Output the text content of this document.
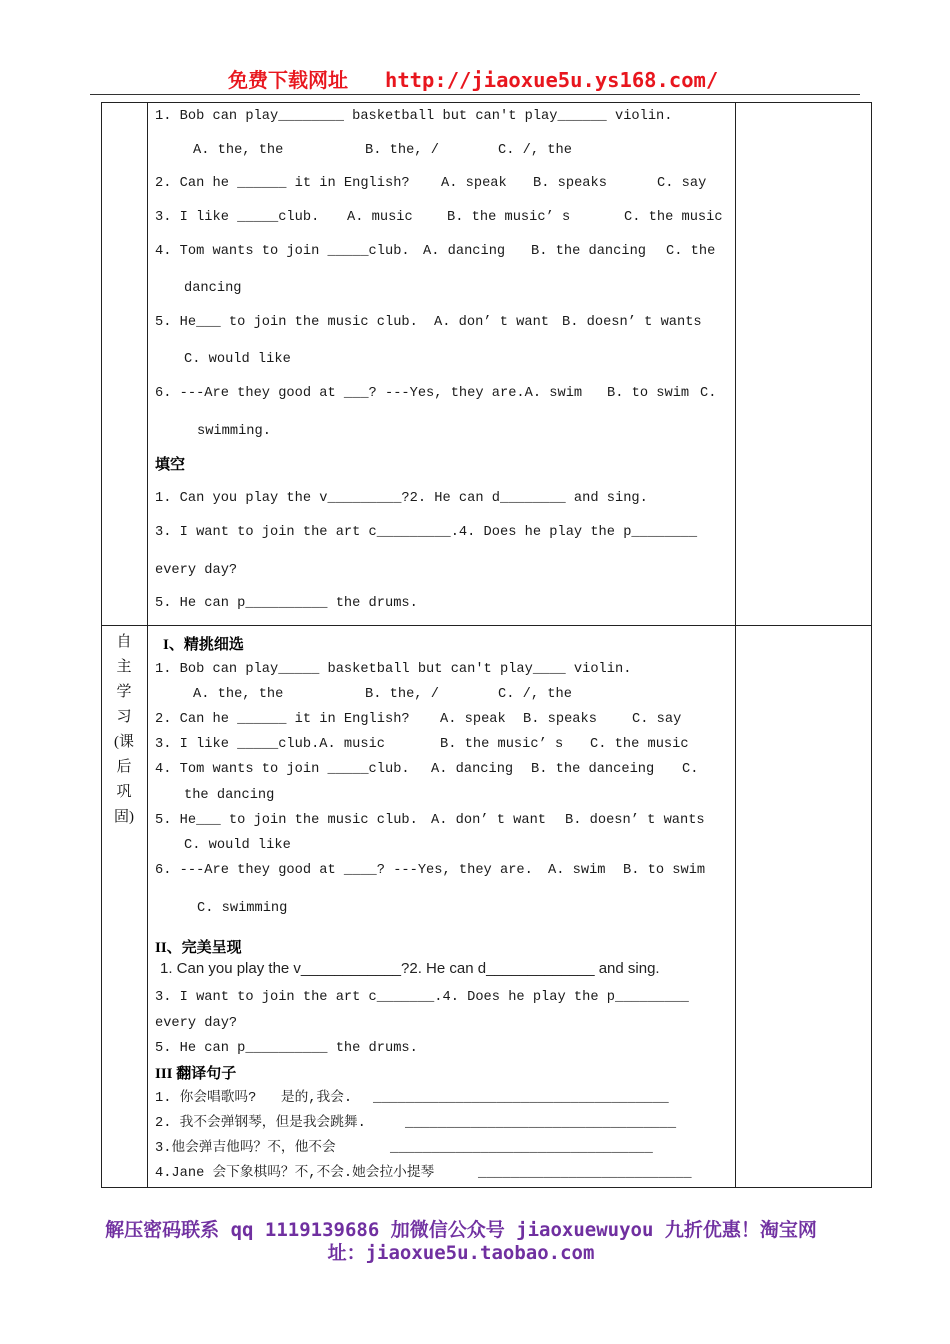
免费下载网址 http://jiaoxue5u.ys168.com/
1. Bob can play________ basketball but can't play______ violin.
A. the, the	B. the, /	C. /, the
2. Can he ______ it in English? A. speak B. speaks	C. say
3. I like _____club. A. music	B. the music’ s	C. the music
4. Tom wants to join _____club. A. dancing B. the dancing C. the
dancing
5. He___ to join the music club. A. don’ t want B. doesn’ t wants
C. would like
6. ---Are they good at ___? ---Yes, they are.A. swim B. to swim C.
swimming.
填空
1. Can you play the v_________?2. He can d________ and sing.
3. I want to join the art c_________.4. Does he play the p________
every day?
5. He can p__________ the drums.
自
主
学
习
(课
后
巩
固)
I、精挑细选
1. Bob can play_____ basketball but can't play____ violin.
A. the, the	B. the, /	C. /, the
2. Can he ______ it in English? A. speak B. speaks	C. say
3. I like _____club.A. music	B. the music’ s C. the music
4. Tom wants to join _____club. A. dancing B. the danceing C.
the dancing
5. He___ to join the music club. A. don’ t want B. doesn’ t wants
C. would like
6. ---Are they good at ____? ---Yes, they are. A. swim B. to swim
C. swimming
II、完美呈现
1. Can you play the v____________?2. He can d_____________ and sing.
3. I want to join the art c_______.4. Does he play the p_________
every day?
5. He can p__________ the drums.
III 翻译句子
1. 你会唱歌吗?   是的,我会. ____________________________________
2. 我不会弹钢琴，但是我会跳舞.	_________________________________
3.他会弹吉他吗？不，他不会	________________________________
4.Jane 会下象棋吗？不,不会.她会拉小提琴	__________________________
解压密码联系 qq 1119139686 加微信公众号 jiaoxuewuyou 九折优惠！淘宝网
址：jiaoxue5u.taobao.com
